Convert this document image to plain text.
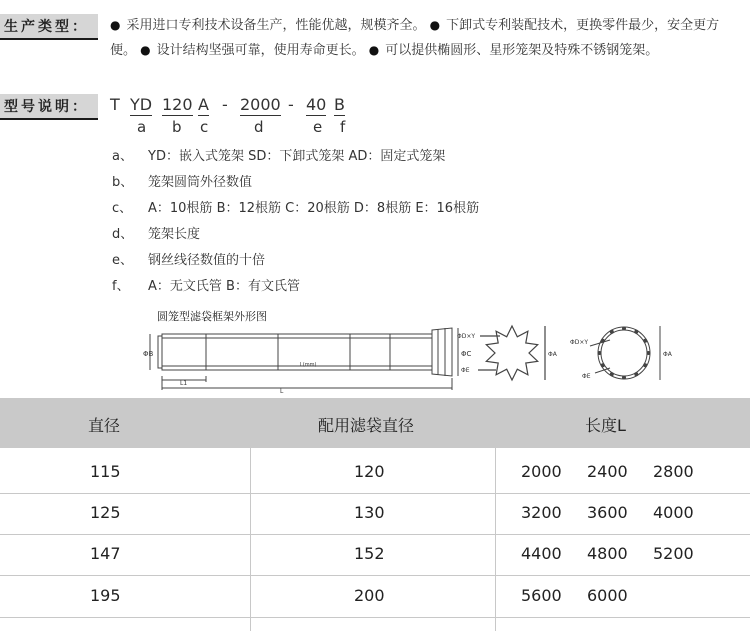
生产类型：	● 采用进口专利技术设备生产，性能优越，规模齐全。 ● 下卸式专利装配技术，更换零件最少，安全更方便。 ● 设计结构坚强可靠，使用寿命更长。 ● 可以提供椭圆形、星形笼架及特殊不锈钢笼架。
型号说明：	T YD 120 A - 2000 - 40 B
a b c	d	e f
a、 YD：嵌入式笼架 SD：下卸式笼架 AD：固定式笼架
b、 笼架圆筒外径数值
c、 A：10根筋 B：12根筋 C：20根筋 D：8根筋 E：16根筋
d、 笼架长度
e、 钢丝线径数值的十倍
f、 A：无文氏管 B：有文氏管
圆笼型滤袋框架外形图
ΦB	ΦC
L1
L
L(mm)
ΦD×Y
ΦE
ΦA
ΦD×Y
ΦE
ΦA
直径	配用滤袋直径	长度L
115	120	2000 2400 2800
125	130	3200 3600 4000
147	152	4400 4800 5200
195	200	5600 6000
